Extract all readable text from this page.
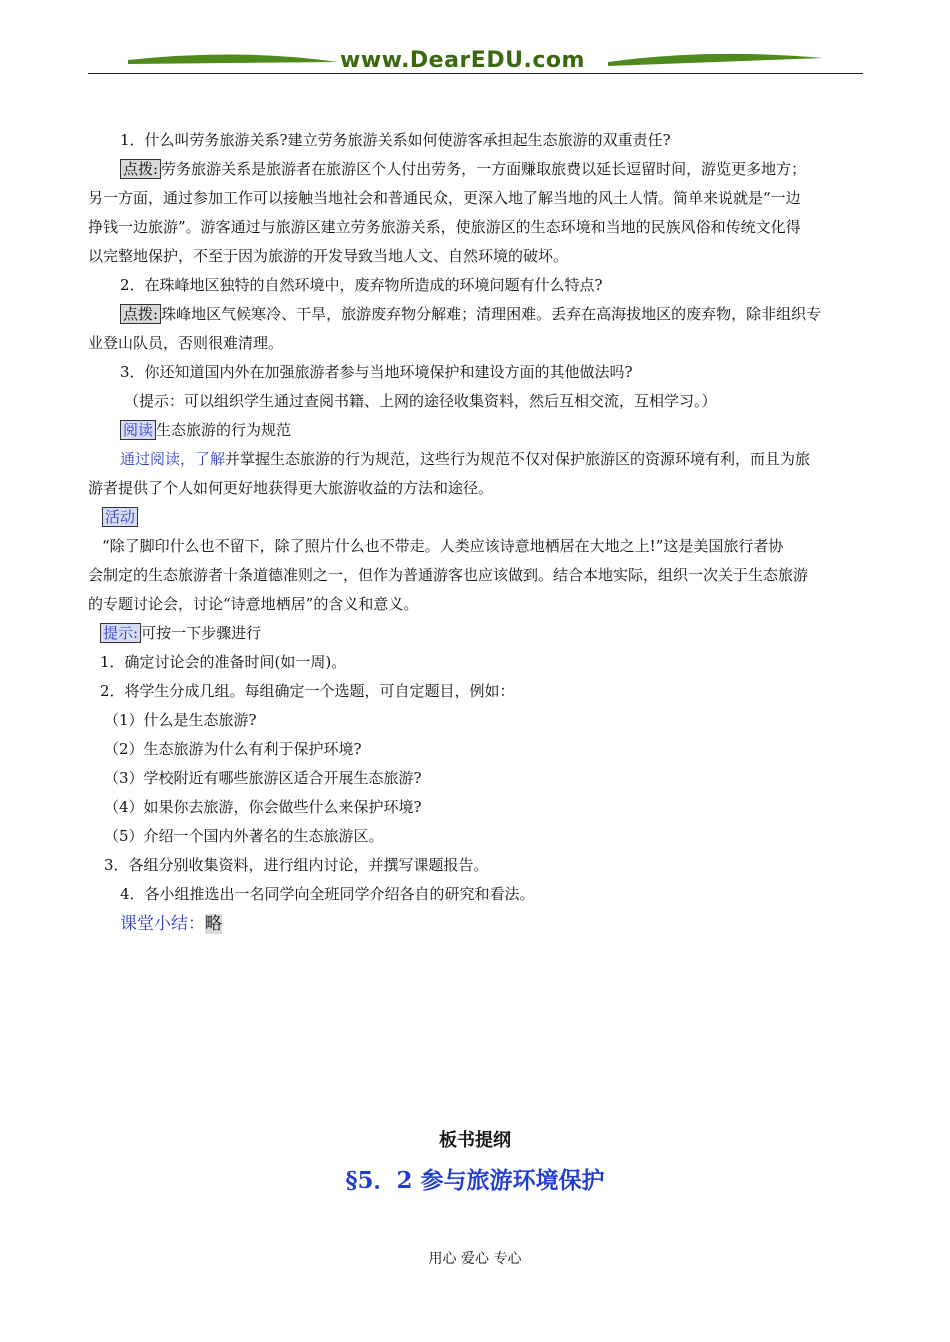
www.DearEDU.com
1．什么叫劳务旅游关系?建立劳务旅游关系如何使游客承担起生态旅游的双重责任?
点拨: 劳务旅游关系是旅游者在旅游区个人付出劳务，一方面赚取旅费以延长逗留时间，游览更多地方；
另一方面，通过参加工作可以接触当地社会和普通民众，更深入地了解当地的风土人情。简单来说就是“一边
挣钱一边旅游”。游客通过与旅游区建立劳务旅游关系，使旅游区的生态环境和当地的民族风俗和传统文化得
以完整地保护，不至于因为旅游的开发导致当地人文、自然环境的破坏。
2．在珠峰地区独特的自然环境中，废弃物所造成的环境问题有什么特点?
点拨: 珠峰地区气候寒冷、干旱，旅游废弃物分解难；清理困难。丢弃在高海拔地区的废弃物，除非组织专
业登山队员，否则很难清理。
3．你还知道国内外在加强旅游者参与当地环境保护和建设方面的其他做法吗?
（提示：可以组织学生通过查阅书籍、上网的途径收集资料，然后互相交流，互相学习。）
阅读 生态旅游的行为规范
通过阅读，了解并掌握生态旅游的行为规范，这些行为规范不仅对保护旅游区的资源环境有利，而且为旅
游者提供了个人如何更好地获得更大旅游收益的方法和途径。
活动
“除了脚印什么也不留下，除了照片什么也不带走。人类应该诗意地栖居在大地之上!”这是美国旅行者协
会制定的生态旅游者十条道德准则之一，但作为普通游客也应该做到。结合本地实际，组织一次关于生态旅游
的专题讨论会，讨论“诗意地栖居”的含义和意义。
提示: 可按一下步骤进行
1．确定讨论会的准备时间(如一周)。
2．将学生分成几组。每组确定一个选题，可自定题目，例如：
（1）什么是生态旅游?
（2）生态旅游为什么有利于保护环境?
（3）学校附近有哪些旅游区适合开展生态旅游?
（4）如果你去旅游，你会做些什么来保护环境?
（5）介绍一个国内外著名的生态旅游区。
3．各组分别收集资料，进行组内讨论，并撰写课题报告。
4．各小组推选出一名同学向全班同学介绍各自的研究和看法。
课堂小结：略
板书提纲
§5．2 参与旅游环境保护
用心 爱心 专心
